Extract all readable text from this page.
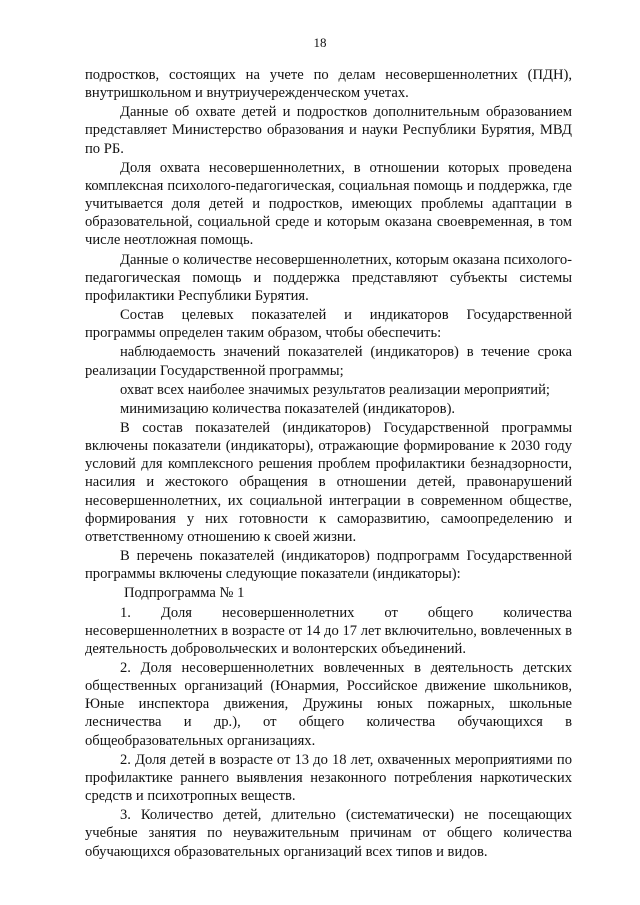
18

подростков, состоящих на учете по делам несовершеннолетних (ПДН), внутришкольном и внутриучережденческом учетах.

Данные об охвате детей и подростков дополнительным образованием представляет Министерство образования и науки Республики Бурятия, МВД по РБ.

Доля охвата несовершеннолетних, в отношении которых проведена комплексная психолого-педагогическая, социальная помощь и поддержка, где учитывается доля детей и подростков, имеющих проблемы адаптации в образовательной, социальной среде и которым оказана своевременная, в том числе неотложная помощь.

Данные о количестве несовершеннолетних, которым оказана психолого-педагогическая помощь и поддержка представляют субъекты системы профилактики Республики Бурятия.

Состав целевых показателей и индикаторов Государственной программы определен таким образом, чтобы обеспечить:

наблюдаемость значений показателей (индикаторов) в течение срока реализации Государственной программы;

охват всех наиболее значимых результатов реализации мероприятий;

минимизацию количества показателей (индикаторов).

В состав показателей (индикаторов) Государственной программы включены показатели (индикаторы), отражающие формирование к 2030 году условий для комплексного решения проблем профилактики безнадзорности, насилия и жестокого обращения в отношении детей, правонарушений несовершеннолетних, их социальной интеграции в современном обществе, формирования у них готовности к саморазвитию, самоопределению и ответственному отношению к своей жизни.

В перечень показателей (индикаторов) подпрограмм Государственной программы включены следующие показатели (индикаторы):

Подпрограмма № 1

1. Доля несовершеннолетних от общего количества несовершеннолетних в возрасте от 14 до 17 лет включительно, вовлеченных в деятельность добровольческих и волонтерских объединений.

2. Доля несовершеннолетних вовлеченных в деятельность детских общественных организаций (Юнармия, Российское движение школьников, Юные инспектора движения, Дружины юных пожарных, школьные лесничества и др.), от общего количества обучающихся в общеобразовательных организациях.

2. Доля детей в возрасте от 13 до 18 лет, охваченных мероприятиями по профилактике раннего выявления незаконного потребления наркотических средств и психотропных веществ.

3. Количество детей, длительно (систематически) не посещающих учебные занятия по неуважительным причинам от общего количества обучающихся образовательных организаций всех типов и видов.
